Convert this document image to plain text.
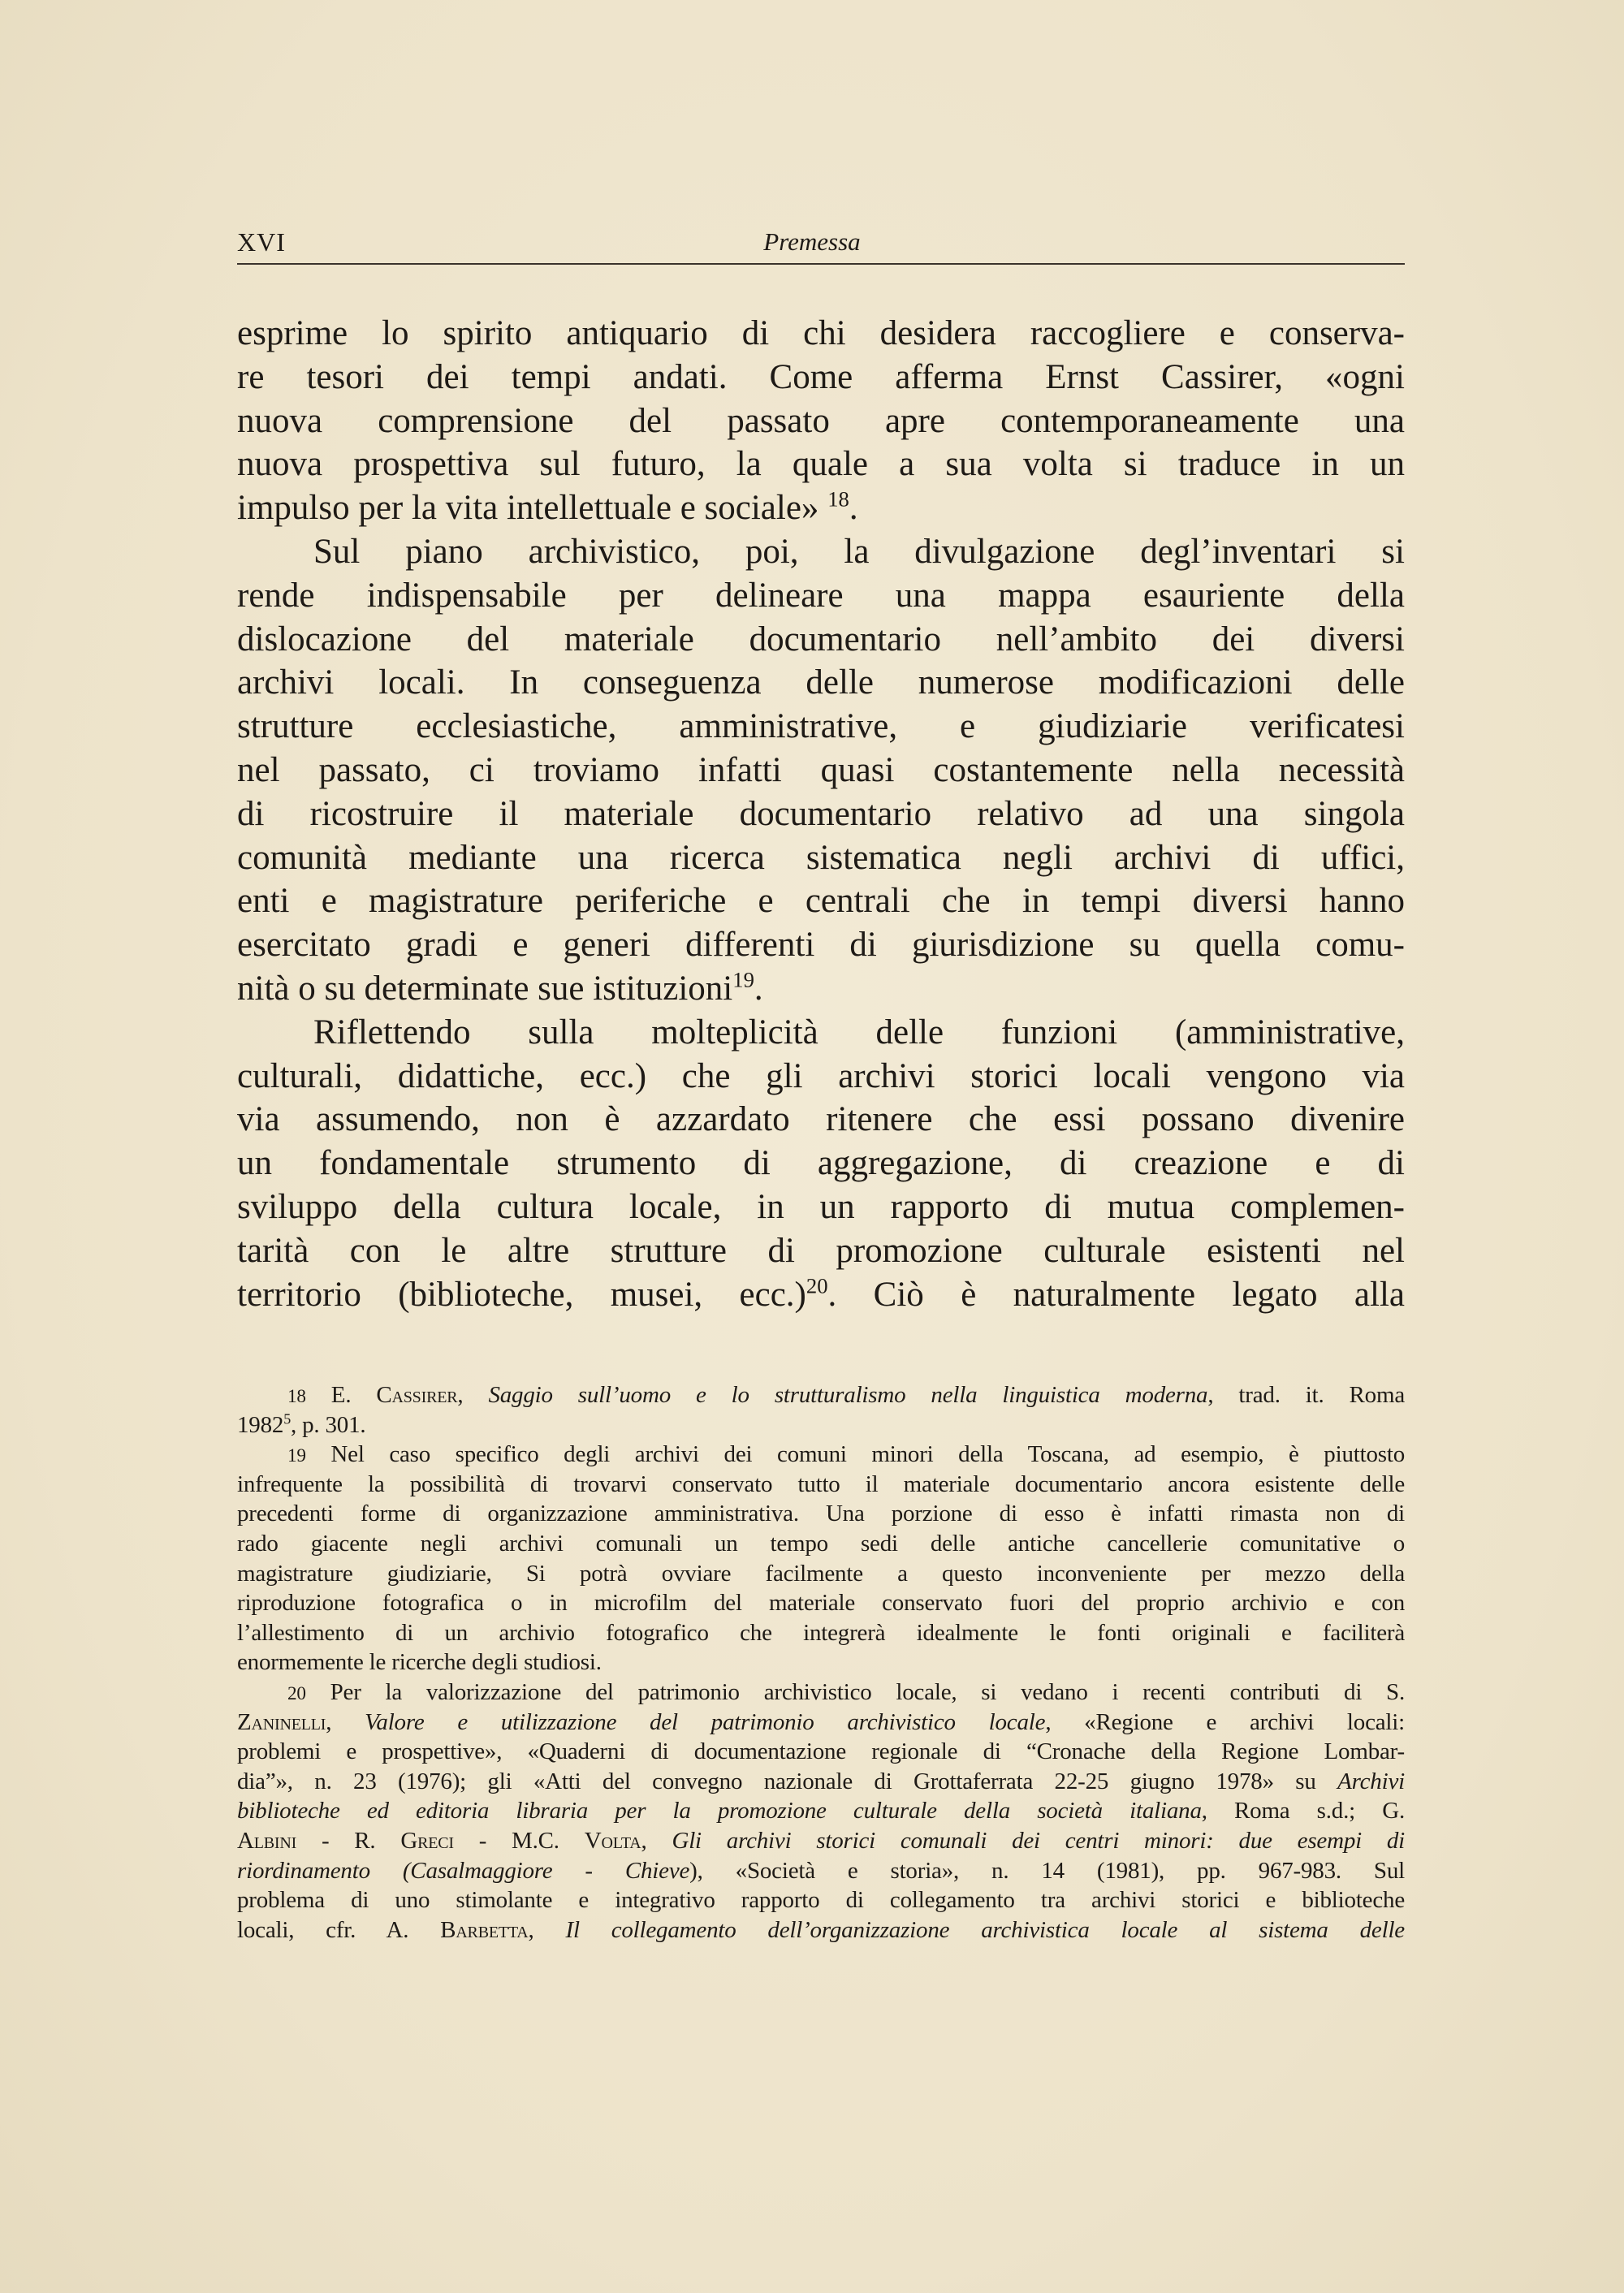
XVI	Premessa
esprime lo spirito antiquario di chi desidera raccogliere e conserva-
re tesori dei tempi andati. Come afferma Ernst Cassirer, «ogni
nuova comprensione del passato apre contemporaneamente una
nuova prospettiva sul futuro, la quale a sua volta si traduce in un
impulso per la vita intellettuale e sociale» $^{18}$.
Sul piano archivistico, poi, la divulgazione degl’inventari si
rende indispensabile per delineare una mappa esauriente della
dislocazione del materiale documentario nell’ambito dei diversi
archivi locali. In conseguenza delle numerose modificazioni delle
strutture ecclesiastiche, amministrative, e giudiziarie verificatesi
nel passato, ci troviamo infatti quasi costantemente nella necessità
di ricostruire il materiale documentario relativo ad una singola
comunità mediante una ricerca sistematica negli archivi di uffici,
enti e magistrature periferiche e centrali che in tempi diversi hanno
esercitato gradi e generi differenti di giurisdizione su quella comu-
nità o su determinate sue istituzioni$^{19}$.
Riflettendo sulla molteplicità delle funzioni (amministrative,
culturali, didattiche, ecc.) che gli archivi storici locali vengono via
via assumendo, non è azzardato ritenere che essi possano divenire
un fondamentale strumento di aggregazione, di creazione e di
sviluppo della cultura locale, in un rapporto di mutua complemen-
tarità con le altre strutture di promozione culturale esistenti nel
territorio (biblioteche, musei, ecc.)$^{20}$. Ciò è naturalmente legato alla
18 E. Cassirer, Saggio sull’uomo e lo strutturalismo nella linguistica moderna, trad. it. Roma
1982$^5$, p. 301.
19 Nel caso specifico degli archivi dei comuni minori della Toscana, ad esempio, è piuttosto
infrequente la possibilità di trovarvi conservato tutto il materiale documentario ancora esistente delle
precedenti forme di organizzazione amministrativa. Una porzione di esso è infatti rimasta non di
rado giacente negli archivi comunali un tempo sedi delle antiche cancellerie comunitative o
magistrature giudiziarie, Si potrà ovviare facilmente a questo inconveniente per mezzo della
riproduzione fotografica o in microfilm del materiale conservato fuori del proprio archivio e con
l’allestimento di un archivio fotografico che integrerà idealmente le fonti originali e faciliterà
enormemente le ricerche degli studiosi.
20 Per la valorizzazione del patrimonio archivistico locale, si vedano i recenti contributi di S.
Zaninelli, Valore e utilizzazione del patrimonio archivistico locale, «Regione e archivi locali:
problemi e prospettive», «Quaderni di documentazione regionale di “Cronache della Regione Lombar-
dia”», n. 23 (1976); gli «Atti del convegno nazionale di Grottaferrata 22-25 giugno 1978» su Archivi
biblioteche ed editoria libraria per la promozione culturale della società italiana, Roma s.d.; G.
Albini - R. Greci - M.C. Volta, Gli archivi storici comunali dei centri minori: due esempi di
riordinamento (Casalmaggiore - Chieve), «Società e storia», n. 14 (1981), pp. 967-983. Sul
problema di uno stimolante e integrativo rapporto di collegamento tra archivi storici e biblioteche
locali, cfr. A. Barbetta, Il collegamento dell’organizzazione archivistica locale al sistema delle
